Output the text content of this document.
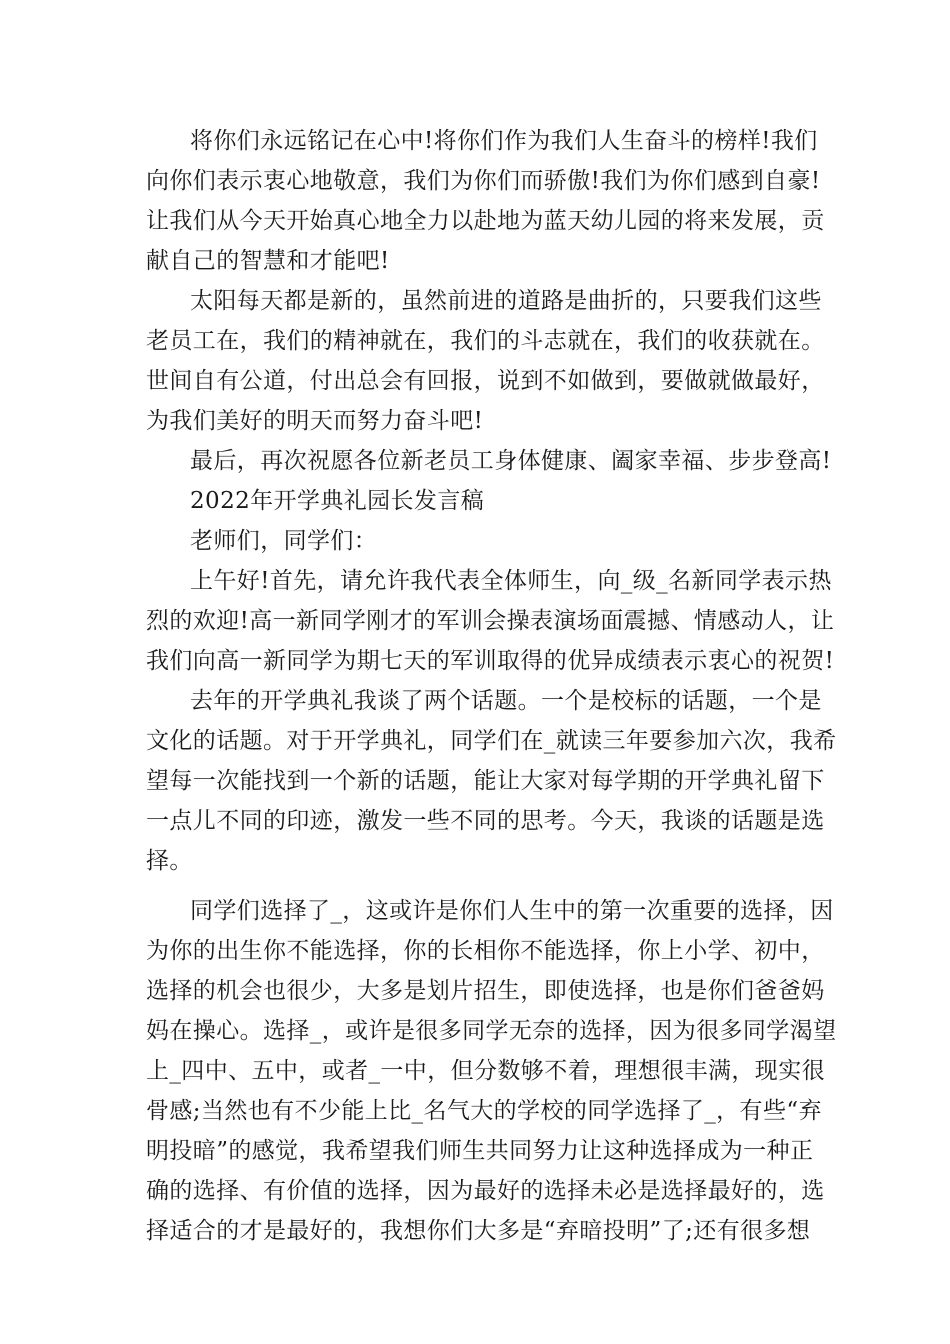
将你们永远铭记在心中!将你们作为我们人生奋斗的榜样!我们
向你们表示衷心地敬意，我们为你们而骄傲!我们为你们感到自豪!
让我们从今天开始真心地全力以赴地为蓝天幼儿园的将来发展，贡
献自己的智慧和才能吧!
太阳每天都是新的，虽然前进的道路是曲折的，只要我们这些
老员工在，我们的精神就在，我们的斗志就在，我们的收获就在。
世间自有公道，付出总会有回报，说到不如做到，要做就做最好，
为我们美好的明天而努力奋斗吧!
最后，再次祝愿各位新老员工身体健康、阖家幸福、步步登高!
2022年开学典礼园长发言稿
老师们，同学们：
上午好!首先，请允许我代表全体师生，向_级_名新同学表示热
烈的欢迎!高一新同学刚才的军训会操表演场面震撼、情感动人，让
我们向高一新同学为期七天的军训取得的优异成绩表示衷心的祝贺!
去年的开学典礼我谈了两个话题。一个是校标的话题，一个是
文化的话题。对于开学典礼，同学们在_就读三年要参加六次，我希
望每一次能找到一个新的话题，能让大家对每学期的开学典礼留下
一点儿不同的印迹，激发一些不同的思考。今天，我谈的话题是选
择。
同学们选择了_，这或许是你们人生中的第一次重要的选择，因
为你的出生你不能选择，你的长相你不能选择，你上小学、初中，
选择的机会也很少，大多是划片招生，即使选择，也是你们爸爸妈
妈在操心。选择_，或许是很多同学无奈的选择，因为很多同学渴望
上_四中、五中，或者_一中，但分数够不着，理想很丰满，现实很
骨感;当然也有不少能上比_名气大的学校的同学选择了_，有些“弃
明投暗”的感觉，我希望我们师生共同努力让这种选择成为一种正
确的选择、有价值的选择，因为最好的选择未必是选择最好的，选
择适合的才是最好的，我想你们大多是“弃暗投明”了;还有很多想
